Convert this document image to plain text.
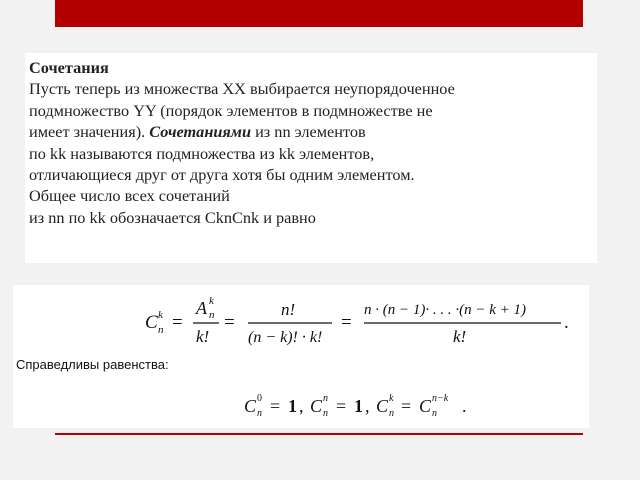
Сочетания
Пусть теперь из множества XX выбирается неупорядоченное
подмножество YY (порядок элементов в подмножестве не
имеет значения). Сочетаниями из nn элементов
по kk называются подмножества из kk элементов,
отличающиеся друг от друга хотя бы одним элементом.
Общее число всех сочетаний
из nn по kk обозначается CknCnk и равно

C n
k =
A n
k
k!
=
n!
(n − k)! · k!
=
n · (n − 1)· . . . ·(n − k + 1)
k!
.
C n
0 = 1 , C n
n = 1 , C n
k = C n
n−k .
Справедливы равенства:
